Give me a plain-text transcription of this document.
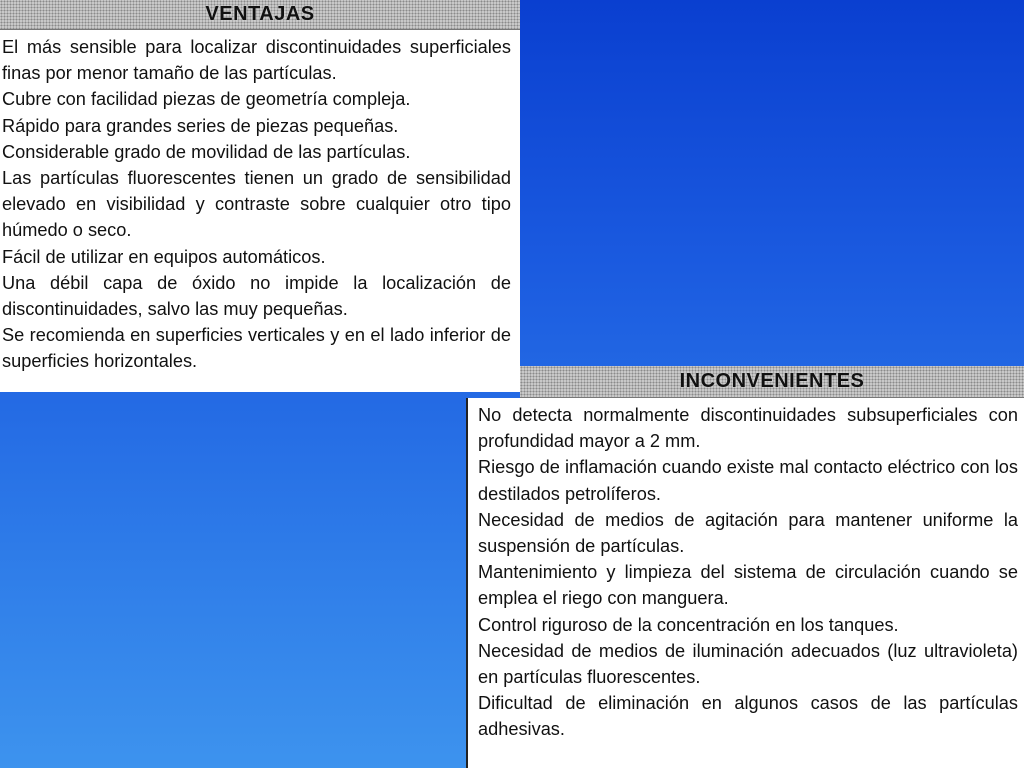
VENTAJAS

El más sensible para localizar discontinuidades superficiales finas por menor tamaño de las partículas.

Cubre con facilidad piezas de geometría compleja.

Rápido para grandes series de piezas pequeñas.

Considerable grado de movilidad de las partículas.

Las partículas fluorescentes tienen un grado de sensibilidad elevado en visibilidad y contraste sobre cualquier otro tipo húmedo o seco.

Fácil de utilizar en equipos automáticos.

Una débil capa de óxido no impide la localización de discontinuidades, salvo las muy pequeñas.

Se recomienda en superficies verticales y en el lado inferior de superficies horizontales.

INCONVENIENTES

No detecta normalmente discontinuidades subsuperficiales con profundidad mayor a 2 mm.

Riesgo de inflamación cuando existe mal contacto eléctrico con los destilados petrolíferos.

Necesidad de medios de agitación para mantener uniforme la suspensión de partículas.

Mantenimiento y limpieza del sistema de circulación cuando se emplea el riego con manguera.

Control riguroso de la concentración en los tanques.

Necesidad de medios de iluminación adecuados (luz ultravioleta) en partículas fluorescentes.

Dificultad de eliminación en algunos casos de las partículas adhesivas.
